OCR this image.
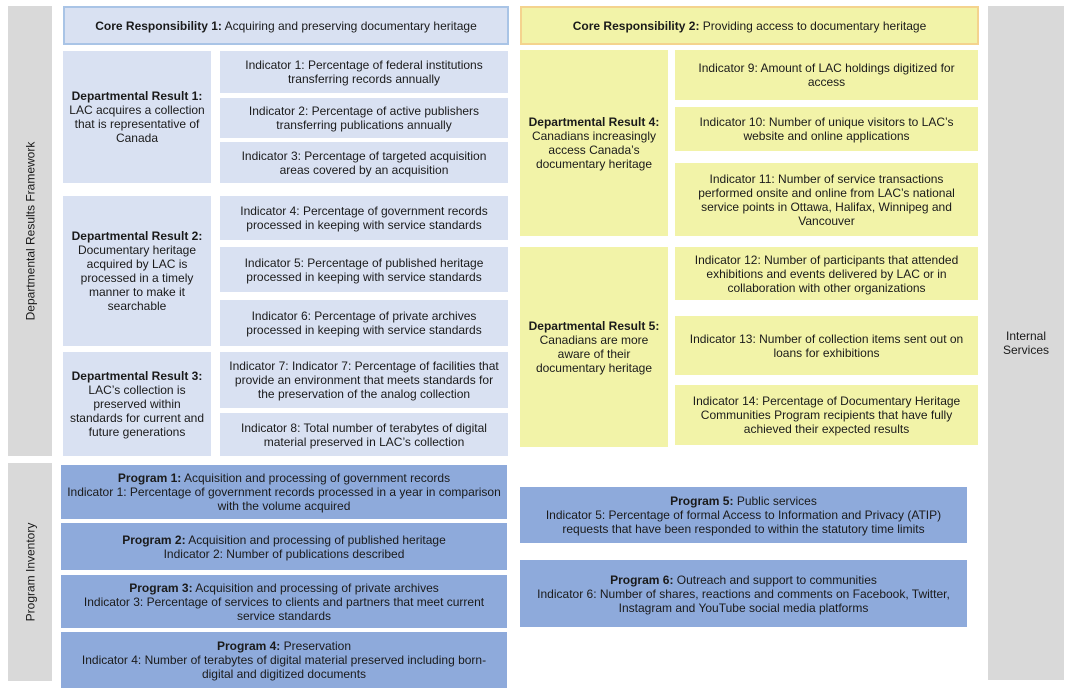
Departmental Results Framework
Program Inventory
Internal Services
Core Responsibility 1: Acquiring and preserving documentary heritage	Core Responsibility 2: Providing access to documentary heritage
Departmental Result 1:
LAC acquires a collection that is representative of Canada
Departmental Result 2:
Documentary heritage acquired by LAC is processed in a timely manner to make it searchable
Departmental Result 3:
LAC’s collection is preserved within standards for current and future generations
Indicator 1: Percentage of federal institutions transferring records annually
Indicator 2: Percentage of active publishers transferring publications annually
Indicator 3: Percentage of targeted acquisition areas covered by an acquisition
Indicator 4: Percentage of government records processed in keeping with service standards
Indicator 5: Percentage of published heritage processed in keeping with service standards
Indicator 6: Percentage of private archives processed in keeping with service standards
Indicator 7: Indicator 7: Percentage of facilities that provide an environment that meets standards for the preservation of the analog collection
Indicator 8: Total number of terabytes of digital material preserved in LAC’s collection
Departmental Result 4:
Canadians increasingly access Canada’s documentary heritage
Departmental Result 5:
Canadians are more aware of their documentary heritage
Indicator 9: Amount of LAC holdings digitized for access
Indicator 10: Number of unique visitors to LAC’s website and online applications
Indicator 11: Number of service transactions performed onsite and online from LAC’s national service points in Ottawa, Halifax, Winnipeg and Vancouver
Indicator 12: Number of participants that attended exhibitions and events delivered by LAC or in collaboration with other organizations
Indicator 13: Number of collection items sent out on loans for exhibitions
Indicator 14: Percentage of Documentary Heritage Communities Program recipients that have fully achieved their expected results
Program 1: Acquisition and processing of government records
Indicator 1: Percentage of government records processed in a year in comparison with the volume acquired
Program 2: Acquisition and processing of published heritage
Indicator 2: Number of publications described
Program 3: Acquisition and processing of private archives
Indicator 3: Percentage of services to clients and partners that meet current service standards
Program 4: Preservation
Indicator 4: Number of terabytes of digital material preserved including born-digital and digitized documents
Program 5: Public services
Indicator 5: Percentage of formal Access to Information and Privacy (ATIP) requests that have been responded to within the statutory time limits
Program 6: Outreach and support to communities
Indicator 6: Number of shares, reactions and comments on Facebook, Twitter, Instagram and YouTube social media platforms
